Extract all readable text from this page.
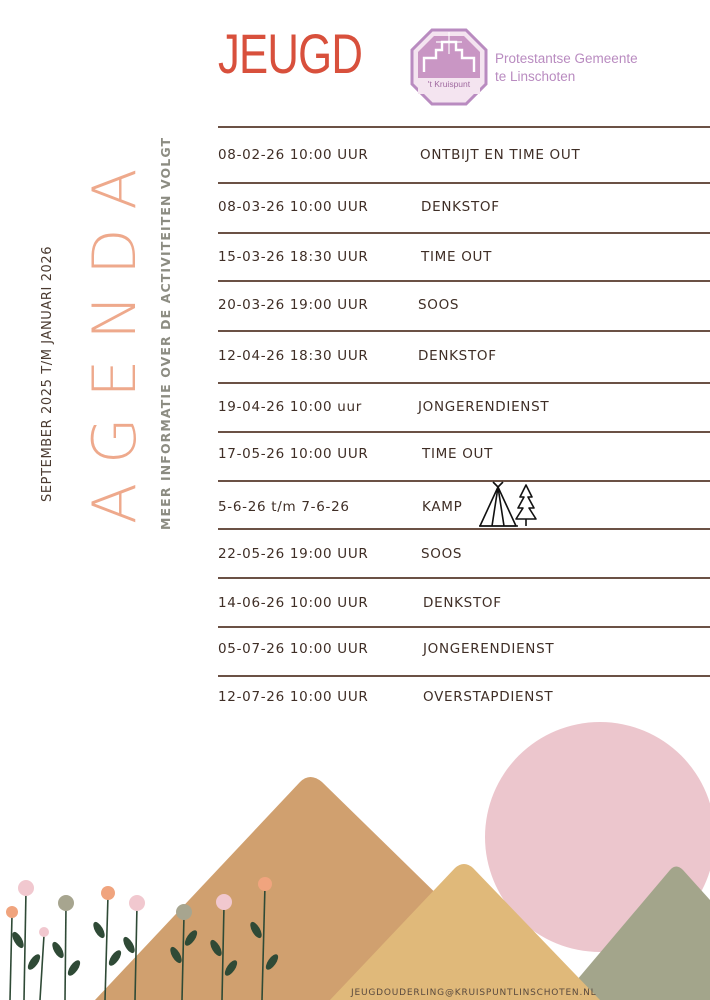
JEUGD	't Kruispunt
Protestantse Gemeente
te Linschoten
SEPTEMBER 2025 T/M JANUARI 2026 AGENDA MEER INFORMATIE OVER DE ACTIVITEITEN VOLGT	08-02-26 10:00 UUR	ONTBIJT EN TIME OUT
08-03-26 10:00 UUR	DENKSTOF
15-03-26 18:30 UUR	TIME OUT
20-03-26 19:00 UUR	SOOS
12-04-26 18:30 UUR	DENKSTOF
19-04-26 10:00 uur	JONGERENDIENST
17-05-26 10:00 UUR	TIME OUT
5-6-26 t/m 7-6-26	KAMP
22-05-26 19:00 UUR	SOOS
14-06-26 10:00 UUR	DENKSTOF
05-07-26 10:00 UUR	JONGERENDIENST
12-07-26 10:00 UUR	OVERSTAPDIENST
JEUGDOUDERLING@KRUISPUNTLINSCHOTEN.NL
